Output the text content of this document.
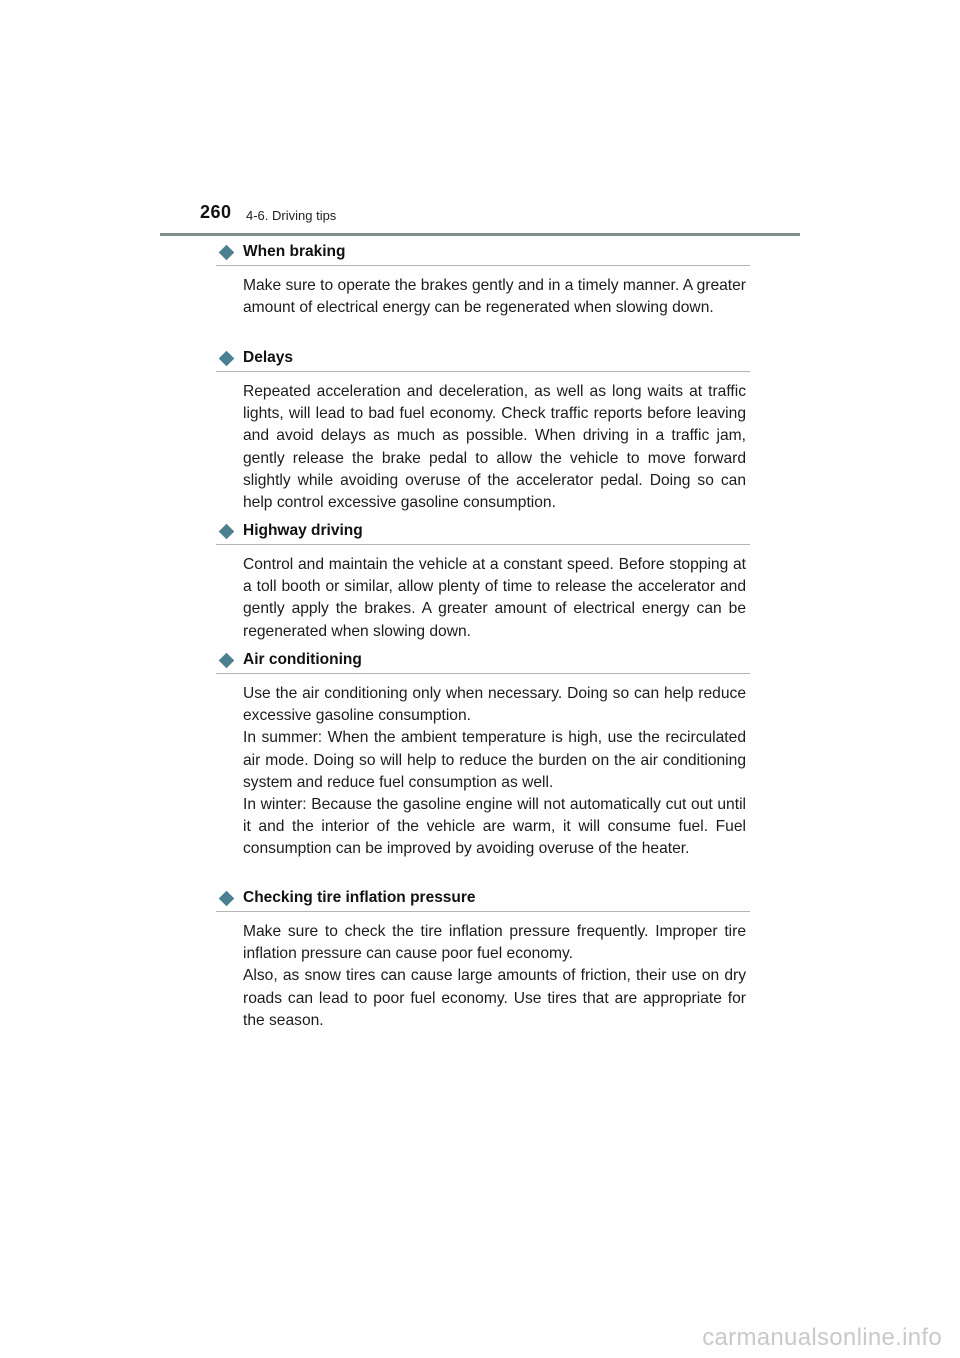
260 4-6. Driving tips
When braking

Make sure to operate the brakes gently and in a timely manner. A greater amount of electrical energy can be regenerated when slowing down.

Delays

Repeated acceleration and deceleration, as well as long waits at traffic lights, will lead to bad fuel economy. Check traffic reports before leaving and avoid delays as much as possible. When driving in a traffic jam, gently release the brake pedal to allow the vehicle to move forward slightly while avoiding overuse of the accelerator pedal. Doing so can help control excessive gasoline consumption.

Highway driving

Control and maintain the vehicle at a constant speed. Before stopping at a toll booth or similar, allow plenty of time to release the accelerator and gently apply the brakes. A greater amount of electrical energy can be regenerated when slowing down.

Air conditioning

Use the air conditioning only when necessary. Doing so can help reduce excessive gasoline consumption.

In summer: When the ambient temperature is high, use the recirculated air mode. Doing so will help to reduce the burden on the air conditioning system and reduce fuel consumption as well.

In winter: Because the gasoline engine will not automatically cut out until it and the interior of the vehicle are warm, it will consume fuel. Fuel consumption can be improved by avoiding overuse of the heater.

Checking tire inflation pressure

Make sure to check the tire inflation pressure frequently. Improper tire inflation pressure can cause poor fuel economy.

Also, as snow tires can cause large amounts of friction, their use on dry roads can lead to poor fuel economy. Use tires that are appropriate for the season.

carmanualsonline.info
